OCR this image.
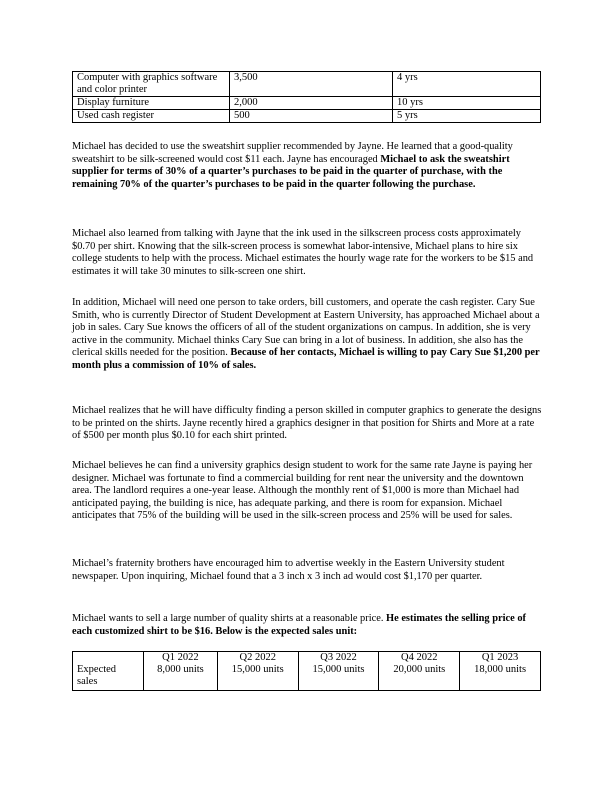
Computer with graphics software and color printer	3,500	4 yrs
Display furniture	2,000	10 yrs
Used cash register	500	5 yrs

Michael has decided to use the sweatshirt supplier recommended by Jayne. He learned that a good-quality sweatshirt to be silk-screened would cost $11 each. Jayne has encouraged Michael to ask the sweatshirt supplier for terms of 30% of a quarter’s purchases to be paid in the quarter of purchase, with the remaining 70% of the quarter’s purchases to be paid in the quarter following the purchase.

Michael also learned from talking with Jayne that the ink used in the silkscreen process costs approximately $0.70 per shirt. Knowing that the silk-screen process is somewhat labor-intensive, Michael plans to hire six college students to help with the process. Michael estimates the hourly wage rate for the workers to be $15 and estimates it will take 30 minutes to silk-screen one shirt.

In addition, Michael will need one person to take orders, bill customers, and operate the cash register. Cary Sue Smith, who is currently Director of Student Development at Eastern University, has approached Michael about a job in sales. Cary Sue knows the officers of all of the student organizations on campus. In addition, she is very active in the community. Michael thinks Cary Sue can bring in a lot of business. In addition, she also has the clerical skills needed for the position. Because of her contacts, Michael is willing to pay Cary Sue $1,200 per month plus a commission of 10% of sales.

Michael realizes that he will have difficulty finding a person skilled in computer graphics to generate the designs to be printed on the shirts. Jayne recently hired a graphics designer in that position for Shirts and More at a rate of $500 per month plus $0.10 for each shirt printed.

Michael believes he can find a university graphics design student to work for the same rate Jayne is paying her designer. Michael was fortunate to find a commercial building for rent near the university and the downtown area. The landlord requires a one-year lease. Although the monthly rent of $1,000 is more than Michael had anticipated paying, the building is nice, has adequate parking, and there is room for expansion. Michael anticipates that 75% of the building will be used in the silk-screen process and 25% will be used for sales.

Michael’s fraternity brothers have encouraged him to advertise weekly in the Eastern University student newspaper. Upon inquiring, Michael found that a 3 inch x 3 inch ad would cost $1,170 per quarter.

Michael wants to sell a large number of quality shirts at a reasonable price. He estimates the selling price of each customized shirt to be $16. Below is the expected sales unit:

Expected sales	Q1 2022	Q2 2022	Q3 2022	Q4 2022	Q1 2023
	8,000 units	15,000 units	15,000 units	20,000 units	18,000 units
